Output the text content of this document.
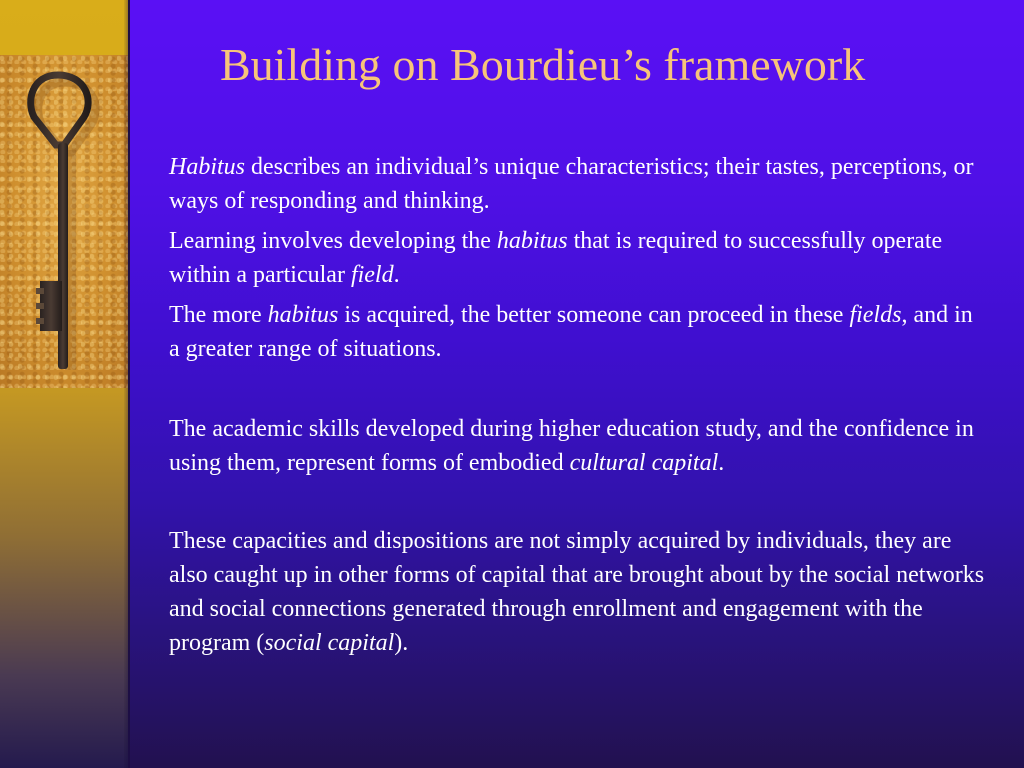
Building on Bourdieu’s framework

Habitus describes an individual’s unique characteristics; their tastes, perceptions, or ways of responding and thinking.

Learning involves developing the habitus that is required to successfully operate within a particular field.

The more habitus is acquired, the better someone can proceed in these fields, and in a greater range of situations.

The academic skills developed during higher education study, and the confidence in using them, represent forms of embodied cultural capital.

These capacities and dispositions are not simply acquired by individuals, they are also caught up in other forms of capital that are brought about by the social networks and social connections generated through enrollment and engagement with the program (social capital).
